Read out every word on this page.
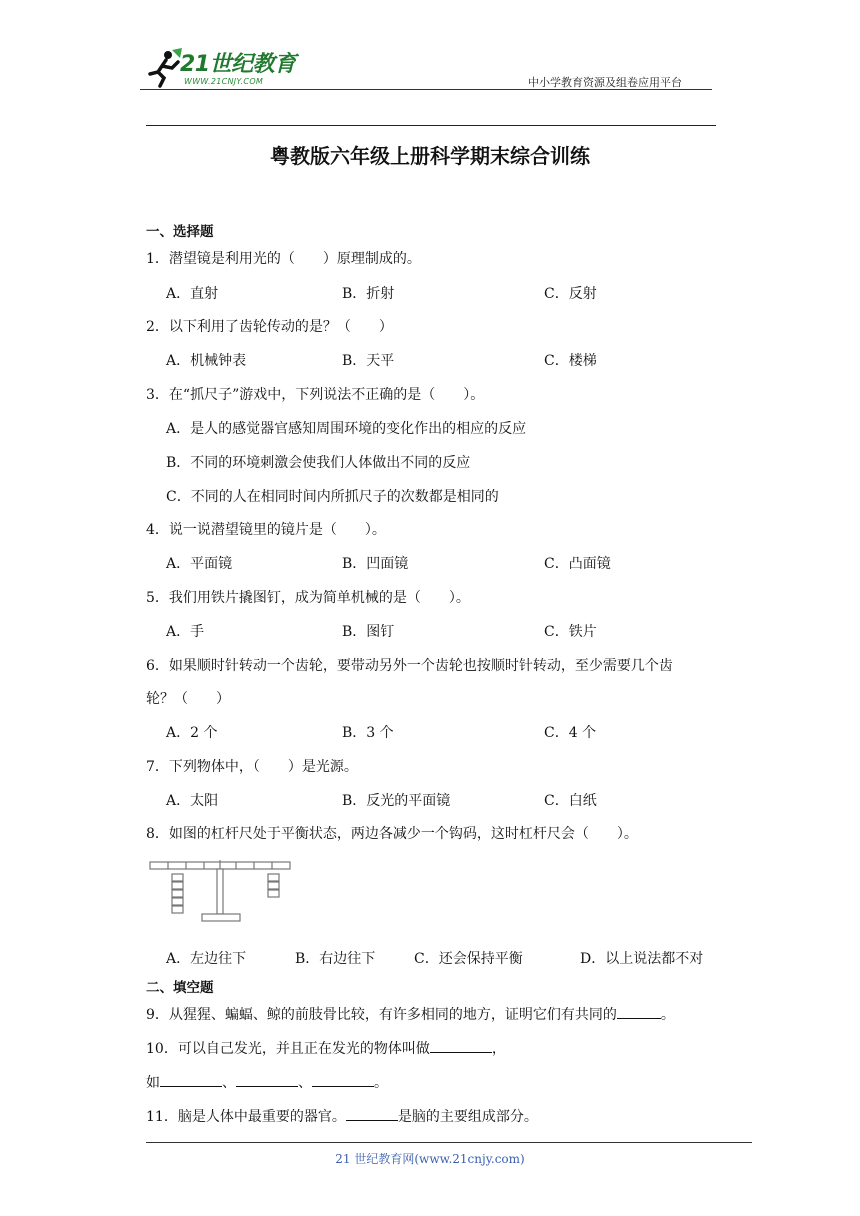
21世纪教育
WWW.21CNJY.COM	中小学教育资源及组卷应用平台
粤教版六年级上册科学期末综合训练
一、选择题
1．潜望镜是利用光的（　　）原理制成的。
A．直射	B．折射	C．反射
2．以下利用了齿轮传动的是？（　　）
A．机械钟表	B．天平	C．楼梯
3．在“抓尺子”游戏中，下列说法不正确的是（　　）。
A．是人的感觉器官感知周围环境的变化作出的相应的反应
B．不同的环境刺激会使我们人体做出不同的反应
C．不同的人在相同时间内所抓尺子的次数都是相同的
4．说一说潜望镜里的镜片是（　　）。
A．平面镜	B．凹面镜	C．凸面镜
5．我们用铁片撬图钉，成为简单机械的是（　　）。
A．手	B．图钉	C．铁片
6．如果顺时针转动一个齿轮，要带动另外一个齿轮也按顺时针转动，至少需要几个齿
轮？（　　）
A．2 个	B．3 个	C．4 个
7．下列物体中，（　　）是光源。
A．太阳	B．反光的平面镜	C．白纸
8．如图的杠杆尺处于平衡状态，两边各减少一个钩码，这时杠杆尺会（　　）。
A．左边往下	B．右边往下	C．还会保持平衡	D．以上说法都不对
二、填空题
9．从猩猩、蝙蝠、鲸的前肢骨比较，有许多相同的地方，证明它们有共同的	。
10．可以自己发光，并且正在发光的物体叫做	，
如	、	、	。
11．脑是人体中最重要的器官。	是脑的主要组成部分。
21 世纪教育网(www.21cnjy.com)
